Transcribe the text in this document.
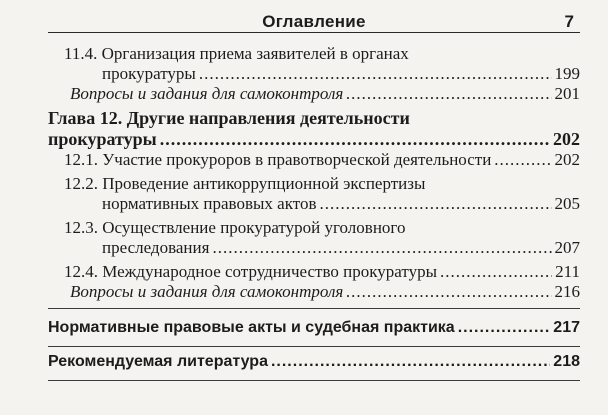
Оглавление	7
11.4. Организация приема заявителей в органах
прокуратуры .....	199
Вопросы и задания для самоконтроля .....	201
Глава 12. Другие направления деятельности
прокуратуры .....	202
12.1. Участие прокуроров в правотворческой деятельности .....	202
12.2. Проведение антикоррупционной экспертизы
нормативных правовых актов .....	205
12.3. Осуществление прокуратурой уголовного
преследования .....	207
12.4. Международное сотрудничество прокуратуры .....	211
Вопросы и задания для самоконтроля .....	216
Нормативные правовые акты и судебная практика .....	217
Рекомендуемая литература .....	218
